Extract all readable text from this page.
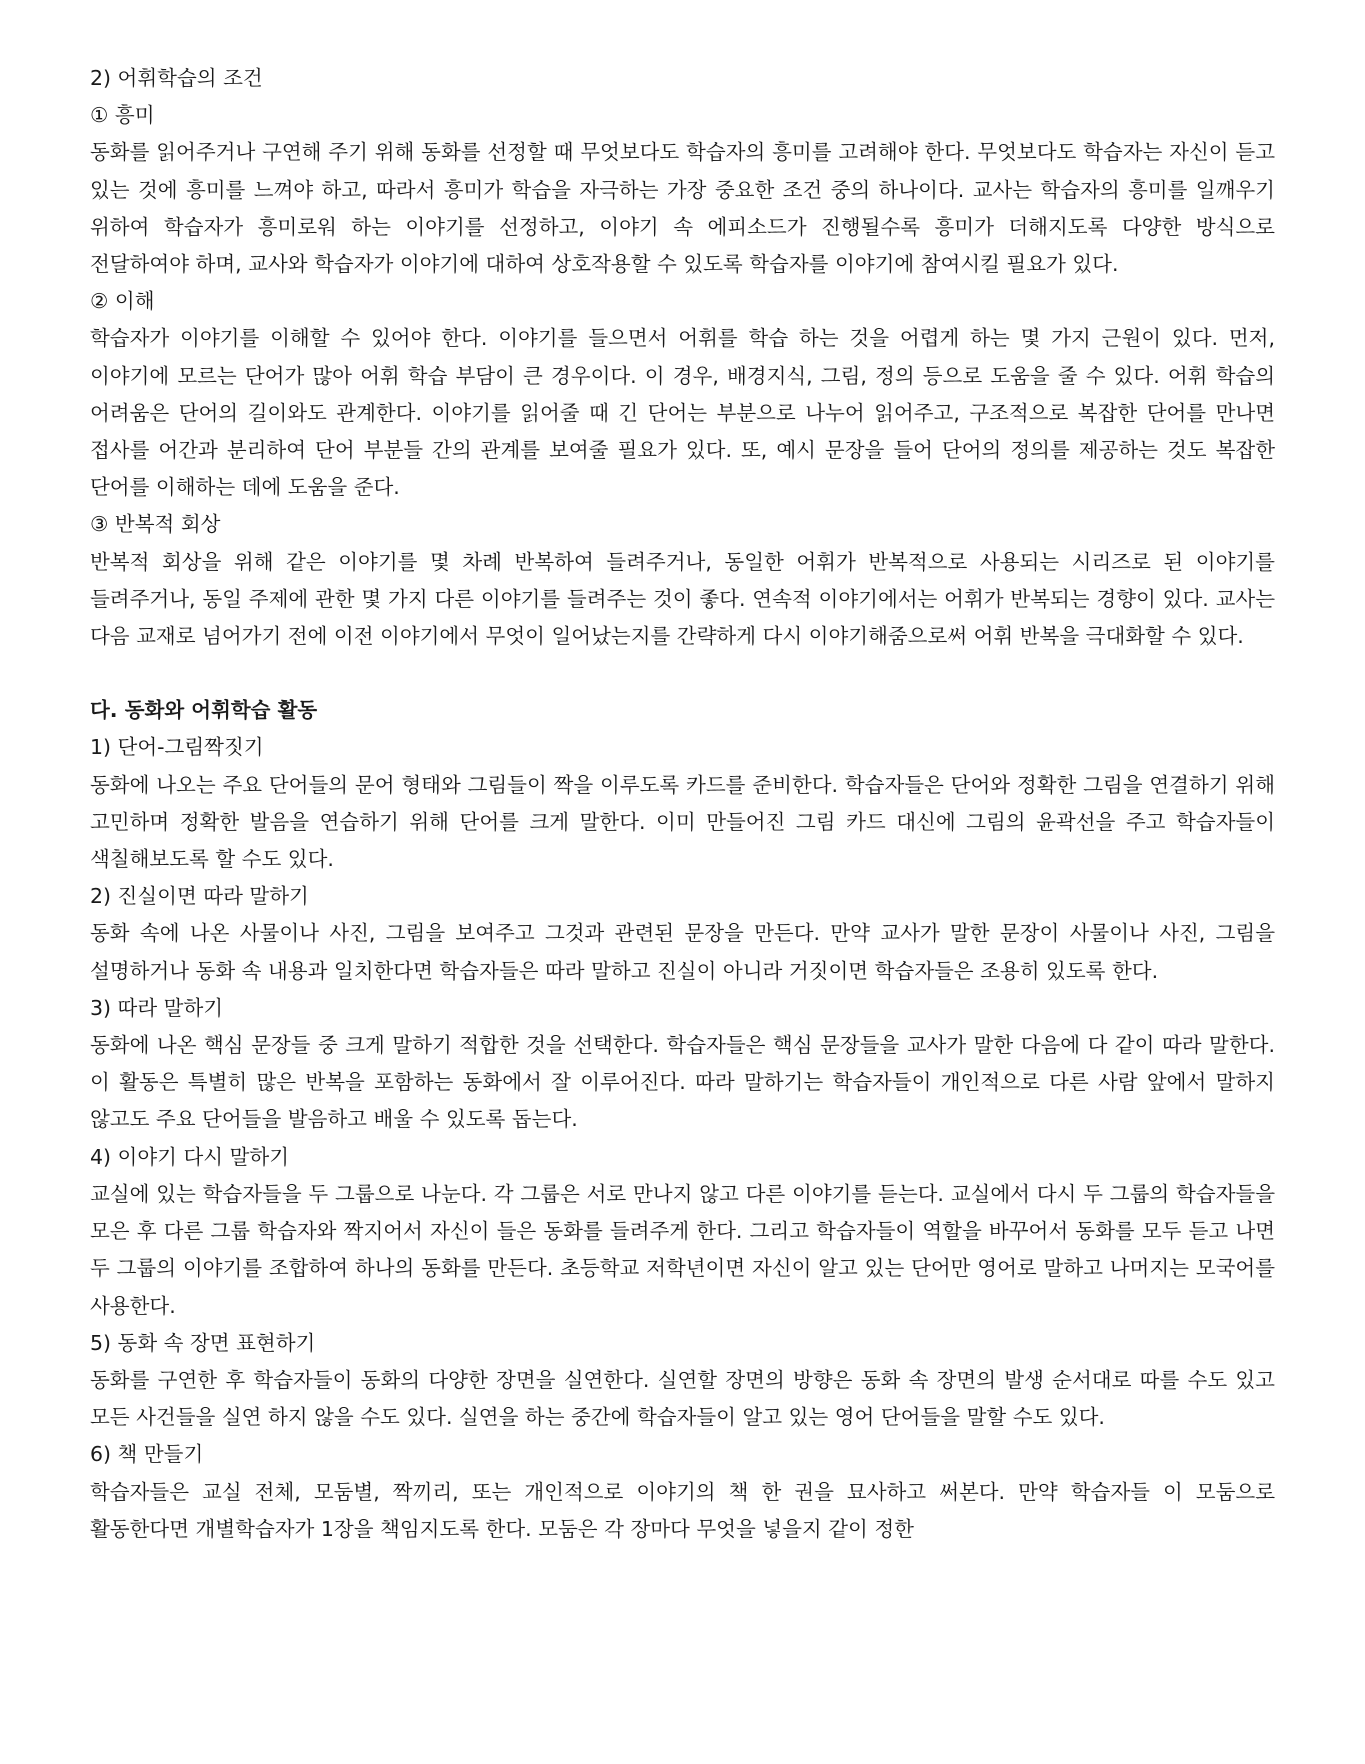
2) 어휘학습의 조건

① 흥미

동화를 읽어주거나 구연해 주기 위해 동화를 선정할 때 무엇보다도 학습자의 흥미를 고려해야 한다. 무엇보다도 학습자는 자신이 듣고 있는 것에 흥미를 느껴야 하고, 따라서 흥미가 학습을 자극하는 가장 중요한 조건 중의 하나이다. 교사는 학습자의 흥미를 일깨우기 위하여 학습자가 흥미로워 하는 이야기를 선정하고, 이야기 속 에피소드가 진행될수록 흥미가 더해지도록 다양한 방식으로 전달하여야 하며, 교사와 학습자가 이야기에 대하여 상호작용할 수 있도록 학습자를 이야기에 참여시킬 필요가 있다.

② 이해

학습자가 이야기를 이해할 수 있어야 한다. 이야기를 들으면서 어휘를 학습 하는 것을 어렵게 하는 몇 가지 근원이 있다. 먼저, 이야기에 모르는 단어가 많아 어휘 학습 부담이 큰 경우이다. 이 경우, 배경지식, 그림, 정의 등으로 도움을 줄 수 있다. 어휘 학습의 어려움은 단어의 길이와도 관계한다. 이야기를 읽어줄 때 긴 단어는 부분으로 나누어 읽어주고, 구조적으로 복잡한 단어를 만나면 접사를 어간과 분리하여 단어 부분들 간의 관계를 보여줄 필요가 있다. 또, 예시 문장을 들어 단어의 정의를 제공하는 것도 복잡한 단어를 이해하는 데에 도움을 준다.

③ 반복적 회상

반복적 회상을 위해 같은 이야기를 몇 차례 반복하여 들려주거나, 동일한 어휘가 반복적으로 사용되는 시리즈로 된 이야기를 들려주거나, 동일 주제에 관한 몇 가지 다른 이야기를 들려주는 것이 좋다. 연속적 이야기에서는 어휘가 반복되는 경향이 있다. 교사는 다음 교재로 넘어가기 전에 이전 이야기에서 무엇이 일어났는지를 간략하게 다시 이야기해줌으로써 어휘 반복을 극대화할 수 있다.

다. 동화와 어휘학습 활동

1) 단어-그림짝짓기

동화에 나오는 주요 단어들의 문어 형태와 그림들이 짝을 이루도록 카드를 준비한다. 학습자들은 단어와 정확한 그림을 연결하기 위해 고민하며 정확한 발음을 연습하기 위해 단어를 크게 말한다. 이미 만들어진 그림 카드 대신에 그림의 윤곽선을 주고 학습자들이 색칠해보도록 할 수도 있다.

2) 진실이면 따라 말하기

동화 속에 나온 사물이나 사진, 그림을 보여주고 그것과 관련된 문장을 만든다. 만약 교사가 말한 문장이 사물이나 사진, 그림을 설명하거나 동화 속 내용과 일치한다면 학습자들은 따라 말하고 진실이 아니라 거짓이면 학습자들은 조용히 있도록 한다.

3) 따라 말하기

동화에 나온 핵심 문장들 중 크게 말하기 적합한 것을 선택한다. 학습자들은 핵심 문장들을 교사가 말한 다음에 다 같이 따라 말한다. 이 활동은 특별히 많은 반복을 포함하는 동화에서 잘 이루어진다. 따라 말하기는 학습자들이 개인적으로 다른 사람 앞에서 말하지 않고도 주요 단어들을 발음하고 배울 수 있도록 돕는다.

4) 이야기 다시 말하기

교실에 있는 학습자들을 두 그룹으로 나눈다. 각 그룹은 서로 만나지 않고 다른 이야기를 듣는다. 교실에서 다시 두 그룹의 학습자들을 모은 후 다른 그룹 학습자와 짝지어서 자신이 들은 동화를 들려주게 한다. 그리고 학습자들이 역할을 바꾸어서 동화를 모두 듣고 나면 두 그룹의 이야기를 조합하여 하나의 동화를 만든다. 초등학교 저학년이면 자신이 알고 있는 단어만 영어로 말하고 나머지는 모국어를 사용한다.

5) 동화 속 장면 표현하기

동화를 구연한 후 학습자들이 동화의 다양한 장면을 실연한다. 실연할 장면의 방향은 동화 속 장면의 발생 순서대로 따를 수도 있고 모든 사건들을 실연 하지 않을 수도 있다. 실연을 하는 중간에 학습자들이 알고 있는 영어 단어들을 말할 수도 있다.

6) 책 만들기

학습자들은 교실 전체, 모둠별, 짝끼리, 또는 개인적으로 이야기의 책 한 권을 묘사하고 써본다. 만약 학습자들 이 모둠으로 활동한다면 개별학습자가 1장을 책임지도록 한다. 모둠은 각 장마다 무엇을 넣을지 같이 정한
